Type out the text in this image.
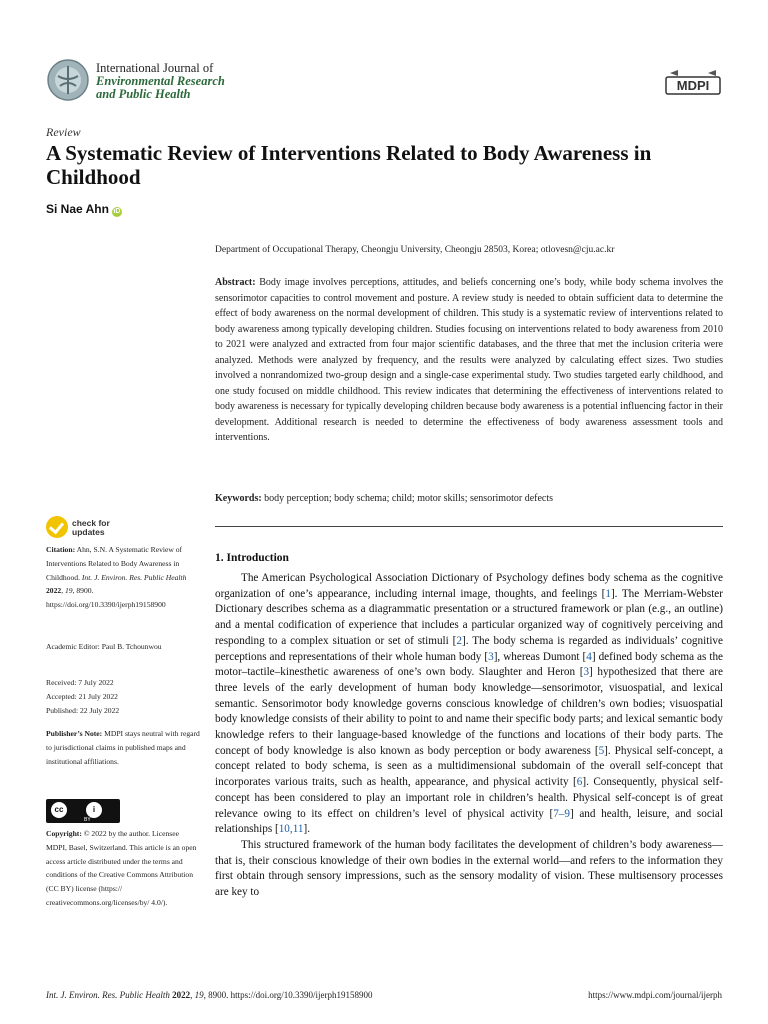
International Journal of
Environmental Research
and Public Health
MDPI
Review
A Systematic Review of Interventions Related to Body Awareness in Childhood
Si Nae Ahn iD
Department of Occupational Therapy, Cheongju University, Cheongju 28503, Korea; otlovesn@cju.ac.kr
Abstract: Body image involves perceptions, attitudes, and beliefs concerning one’s body, while body schema involves the sensorimotor capacities to control movement and posture. A review study is needed to obtain sufficient data to determine the effect of body awareness on the normal development of children. This study is a systematic review of interventions related to body awareness among typically developing children. Studies focusing on interventions related to body awareness from 2010 to 2021 were analyzed and extracted from four major scientific databases, and the three that met the inclusion criteria were analyzed. Methods were analyzed by frequency, and the results were analyzed by calculating effect sizes. Two studies involved a nonrandomized two-group design and a single-case experimental study. Two studies targeted early childhood, and one study focused on middle childhood. This review indicates that determining the effectiveness of interventions related to body awareness is necessary for typically developing children because body awareness is a potential influencing factor in their development. Additional research is needed to determine the effectiveness of body awareness assessment tools and interventions.
Keywords: body perception; body schema; child; motor skills; sensorimotor defects
check for
updates
Citation: Ahn, S.N. A Systematic Review of Interventions Related to Body Awareness in Childhood. Int. J. Environ. Res. Public Health 2022, 19, 8900. https://doi.org/10.3390/ijerph19158900
Academic Editor: Paul B. Tchounwou
Received: 7 July 2022
Accepted: 21 July 2022
Published: 22 July 2022
Publisher’s Note: MDPI stays neutral with regard to jurisdictional claims in published maps and institutional affiliations.
cc	i
BY
Copyright: © 2022 by the author. Licensee MDPI, Basel, Switzerland. This article is an open access article distributed under the terms and conditions of the Creative Commons Attribution (CC BY) license (https:// creativecommons.org/licenses/by/ 4.0/).
1. Introduction

The American Psychological Association Dictionary of Psychology defines body schema as the cognitive organization of one’s appearance, including internal image, thoughts, and feelings [1]. The Merriam-Webster Dictionary describes schema as a diagrammatic presentation or a structured framework or plan (e.g., an outline) and a mental codification of experience that includes a particular organized way of cognitively perceiving and responding to a complex situation or set of stimuli [2]. The body schema is regarded as individuals’ cognitive perceptions and representations of their whole human body [3], whereas Dumont [4] defined body schema as the motor–tactile–kinesthetic awareness of one’s own body. Slaughter and Heron [3] hypothesized that there are three levels of the early development of human body knowledge—sensorimotor, visuospatial, and lexical semantic. Sensorimotor body knowledge governs conscious knowledge of children’s own bodies; visuospatial body knowledge consists of their ability to point to and name their specific body parts; and lexical semantic body knowledge refers to their language-based knowledge of the functions and locations of their body parts. The concept of body knowledge is also known as body perception or body awareness [5]. Physical self-concept, a concept related to body schema, is seen as a multidimensional subdomain of the overall self-concept that incorporates various traits, such as health, appearance, and physical activity [6]. Consequently, physical self-concept has been considered to play an important role in children’s health. Physical self-concept is of great relevance owing to its effect on children’s level of physical activity [7–9] and health, leisure, and social relationships [10,11].

This structured framework of the human body facilitates the development of children’s body awareness—that is, their conscious knowledge of their own bodies in the external world—and refers to the information they first obtain through sensory impressions, such as the sensory modality of vision. These multisensory processes are key to

Int. J. Environ. Res. Public Health 2022, 19, 8900. https://doi.org/10.3390/ijerph19158900	https://www.mdpi.com/journal/ijerph
